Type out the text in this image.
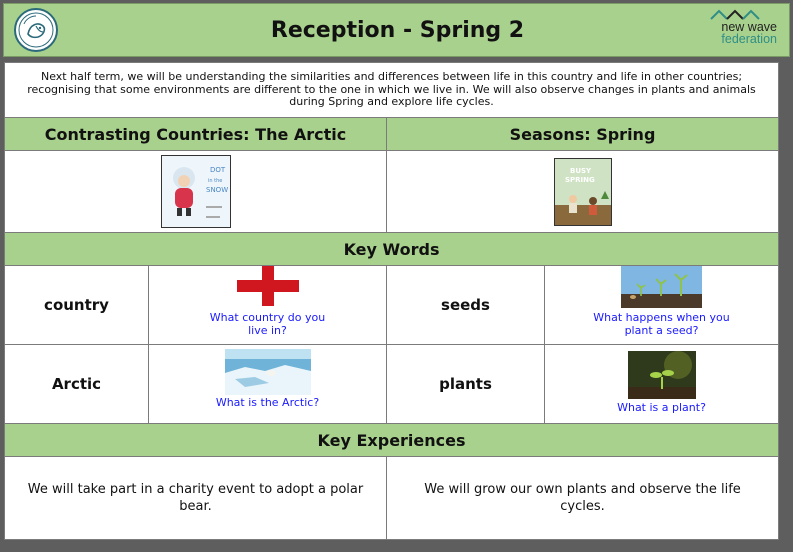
Reception - Spring 2	new wave
federation
Next half term, we will be understanding the similarities and differences between life in this country and life in other countries; recognising that some environments are different to the one in which we live in. We will also observe changes in plants and animals during Spring and explore life cycles.			
Contrasting Countries: The Arctic		Seasons: Spring	

DOT
in the
SNOW		BUSY
SPRING	

Key Words			
country	What country do you live in?	seeds	What happens when you plant a seed?

Arctic	What is the Arctic?	plants	What is a plant?

Key Experiences			
We will take part in a charity event to adopt a polar bear.		We will grow our own plants and observe the life cycles.	
